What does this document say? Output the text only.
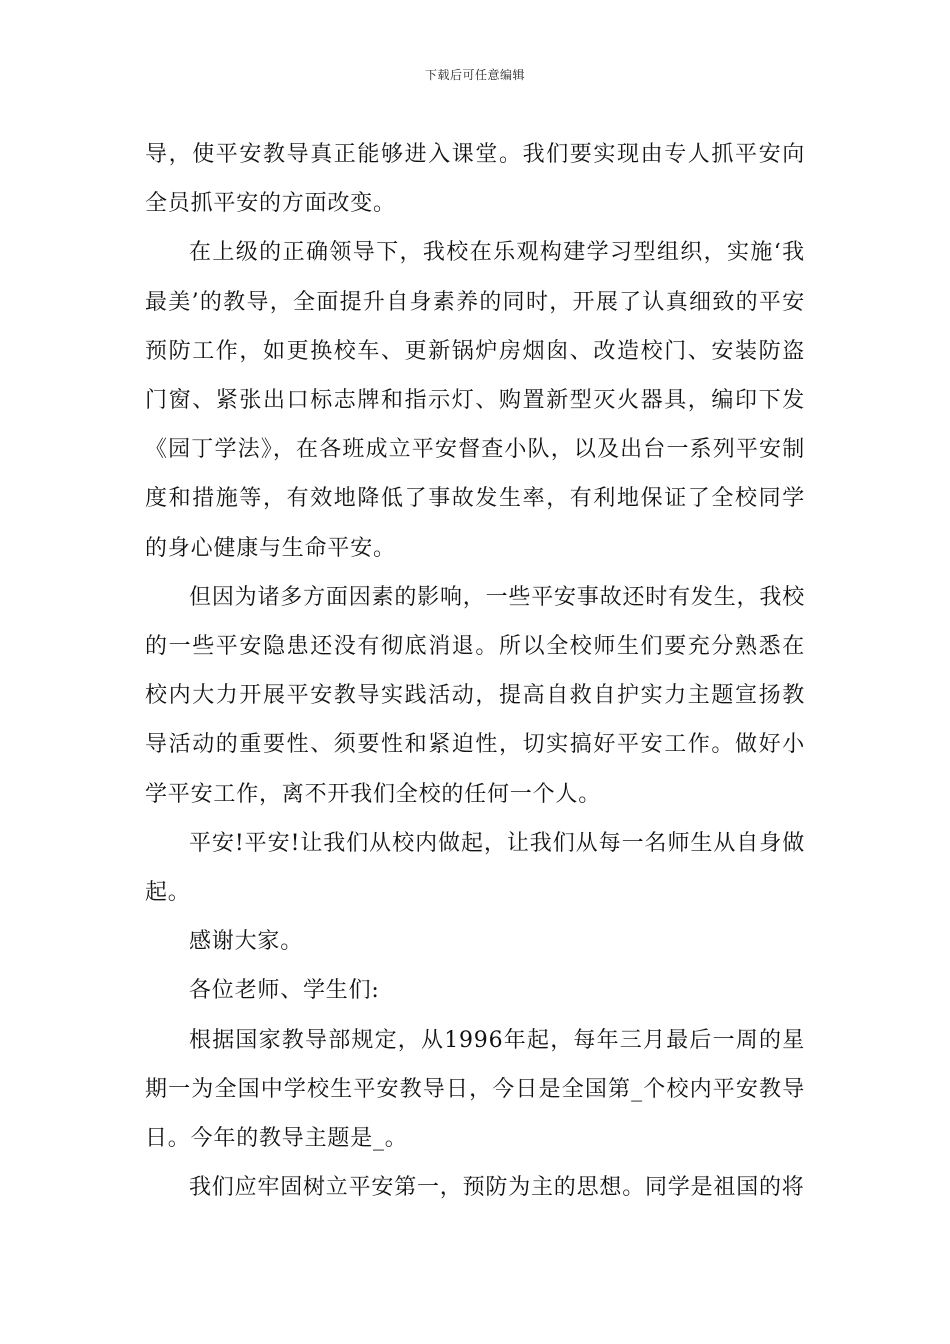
下载后可任意编辑

导，使平安教导真正能够进入课堂。我们要实现由专人抓平安向全员抓平安的方面改变。

在上级的正确领导下，我校在乐观构建学习型组织，实施‘我最美’的教导，全面提升自身素养的同时，开展了认真细致的平安预防工作，如更换校车、更新锅炉房烟囱、改造校门、安装防盗门窗、紧张出口标志牌和指示灯、购置新型灭火器具，编印下发《园丁学法》，在各班成立平安督查小队，以及出台一系列平安制度和措施等，有效地降低了事故发生率，有利地保证了全校同学的身心健康与生命平安。

但因为诸多方面因素的影响，一些平安事故还时有发生，我校的一些平安隐患还没有彻底消退。所以全校师生们要充分熟悉在校内大力开展平安教导实践活动，提高自救自护实力主题宣扬教导活动的重要性、须要性和紧迫性，切实搞好平安工作。做好小学平安工作，离不开我们全校的任何一个人。

平安!平安!让我们从校内做起，让我们从每一名师生从自身做起。

感谢大家。

各位老师、学生们:

根据国家教导部规定，从1996年起，每年三月最后一周的星期一为全国中学校生平安教导日，今日是全国第_个校内平安教导日。今年的教导主题是_。

我们应牢固树立平安第一，预防为主的思想。同学是祖国的将
